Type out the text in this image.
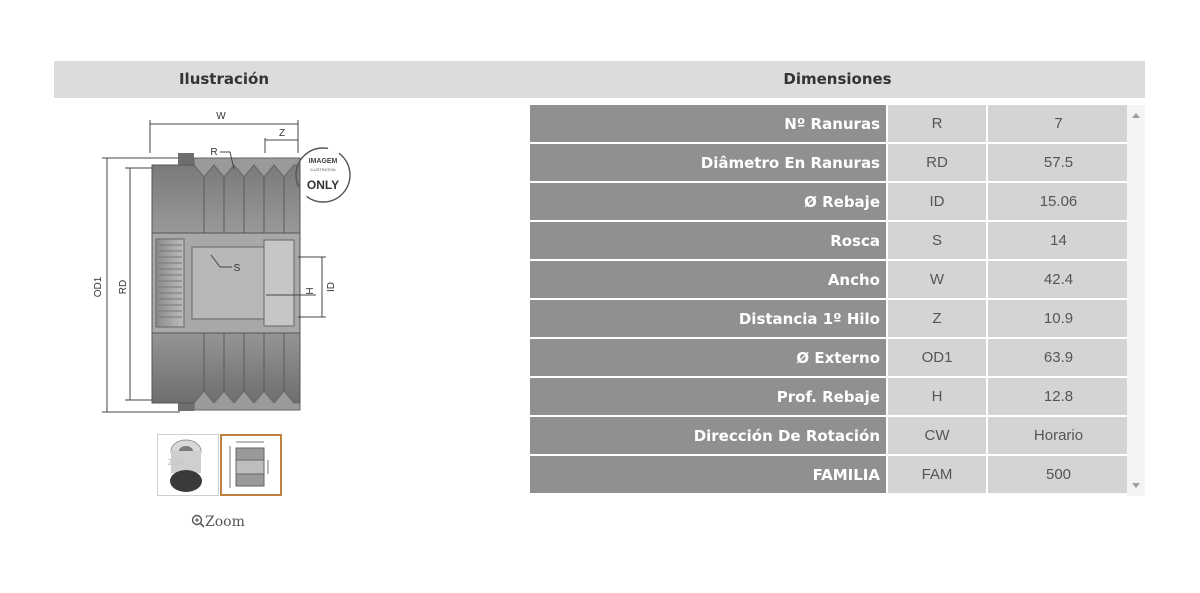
Ilustración	Dimensiones
W
Z
OD1 RD
R
S
H ID
IMAGEM
ILUSTRATIVA
ONLY
ZEN
Zoom
Nº Ranuras	R	7
Diâmetro En Ranuras	RD	57.5
Ø Rebaje	ID	15.06
Rosca	S	14
Ancho	W	42.4
Distancia 1º Hilo	Z	10.9
Ø Externo	OD1	63.9
Prof. Rebaje	H	12.8
Dirección De Rotación	CW	Horario
FAMILIA	FAM	500
